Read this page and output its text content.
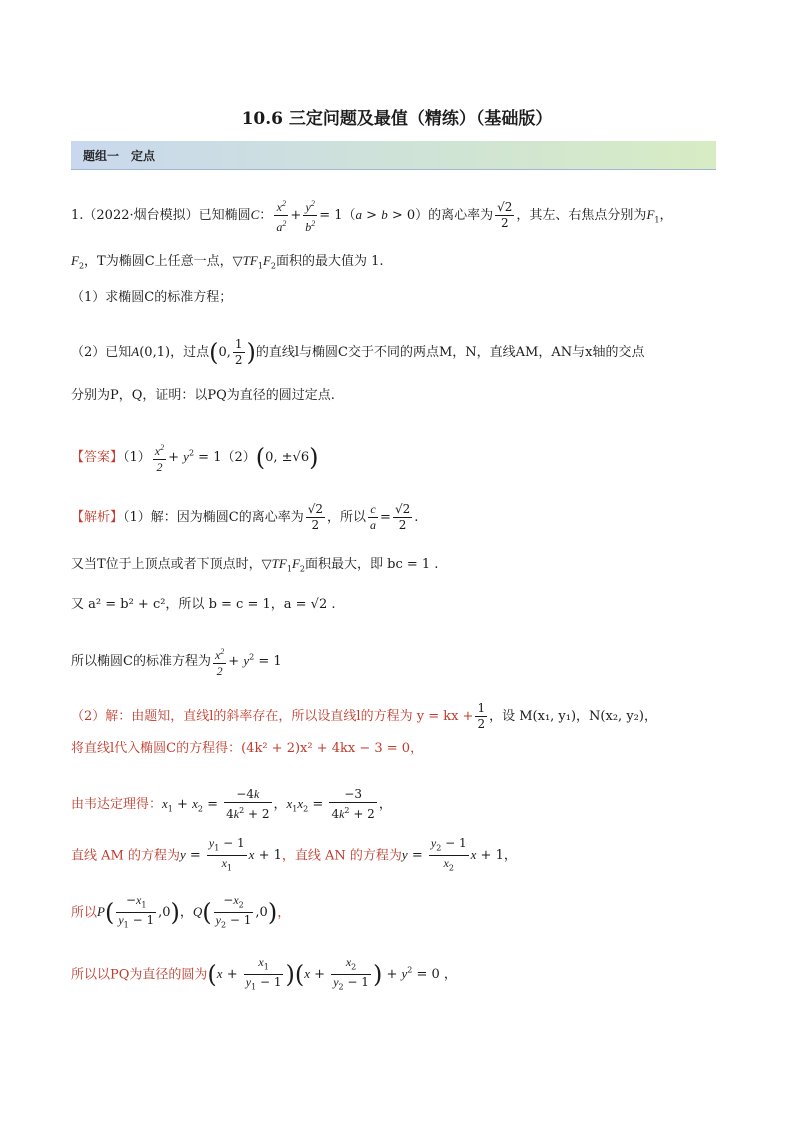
10.6 三定问题及最值（精练）（基础版）
题组一　定点
1.（2022·烟台模拟）已知椭圆C： $\frac{x^2}{a^2} + \frac{y^2}{b^2} = 1(a > b > 0)$的离心率为 $\frac{√2}{2}$ ，其左、右焦点分别为$F_1$，
$F_2$，T为椭圆C上任意一点，$▽TF_1F_2$面积的最大值为 1.
（1）求椭圆C的标准方程；
（2）已知A(0,1)，过点(0, $\frac{1}{2}$ )的直线l与椭圆C交于不同的两点M，N，直线AM，AN与x轴的交点
分别为P，Q，证明：以PQ为直径的圆过定点.
【答案】$(1) \frac{x^2}{2} + y^2 = 1(2)(0$, ±√6)
【解析】（1）解：因为椭圆C的离心率为 $\frac{√2}{2}$ ，所以 $\frac{c}{a} = \frac{√2}{2}$ .
又当T位于上顶点或者下顶点时，$▽TF_1F_2$面积最大，即 bc = 1 .
又 a² = b² + c²，所以 b = c = 1，a = √2 .
所以椭圆C的标准方程为 $\frac{x^2}{2} + y^2 = 1$
（2）解：由题知，直线l的斜率存在，所以设直线l的方程为 y = kx + $\frac{1}{2}$ ，设 M(x₁, y₁)，N(x₂, y₂)，
将直线l代入椭圆C的方程得：(4k² + 2)x² + 4kx − 3 = 0，
由韦达定理得：$x_1 + x_2 = \frac{-4k}{4k^2 + 2}$ ，$x_1x_2 = \frac{-3}{4k^2 + 2}$ ，
直线 AM 的方程为$y = \frac{y_1 - 1}{x_1}$ x + 1，直线 AN 的方程为$y = \frac{y_2 - 1}{x_2}$ x + 1，
所以$P( \frac{-x_1}{y_1 - 1} ,0)$，$Q( \frac{-x_2}{y_2 - 1} ,0)$，
所以以PQ为直径的圆为$(x + \frac{x_1}{y_1 - 1} )(x + \frac{x_2}{y_2 - 1}$ ) + $y^2 = 0$ ，
